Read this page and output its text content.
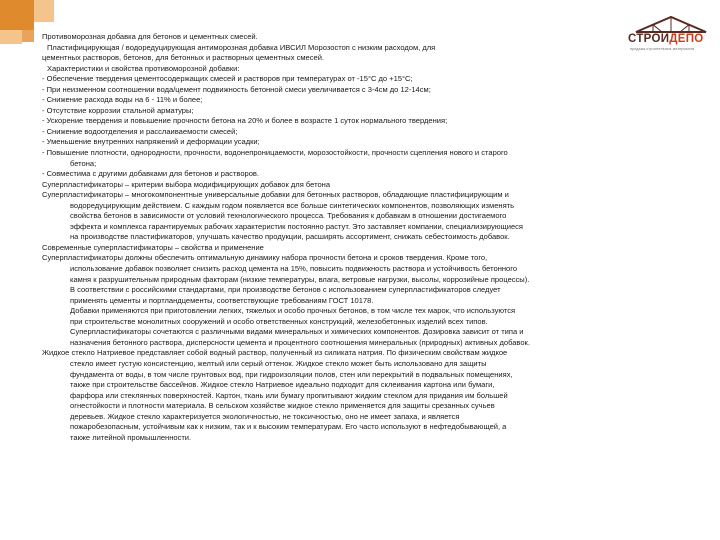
СТРОЙДЕПО
продажа строительных материалов
Противоморозная добавка для бетонов и цементных смесей.
Пластифицирующая / водоредуцирующая антиморозная добавка ИВСИЛ Морозостоп с низким расходом, для
цементных растворов, бетонов, для бетонных и растворных цементных смесей.
Характеристики и свойства противоморозной добавки:
- Обеспечение твердения цементосодержащих смесей и растворов при температурах от -15°С до +15°С;
- При неизменном соотношении вода/цемент подвижность бетонной смеси увеличивается с 3-4см до 12-14см;
- Снижение расхода воды на 6 - 11% и более;
- Отсутствие коррозии стальной арматуры;
- Ускорение твердения и повышение прочности бетона на 20% и более в возрасте 1 суток нормального твердения;
- Снижение водоотделения и расслаиваемости смесей;
- Уменьшение внутренних напряжений и деформации усадки;
- Повышение плотности, однородности, прочности, водонепроницаемости, морозостойкости, прочности сцепления нового и старого
бетона;
- Совместима с другими добавками для бетонов и растворов.
Суперпластификаторы – критерии выбора модифицирующих добавок для бетона
Суперпластификаторы – многокомпонентные универсальные добавки для бетонных растворов, обладающие пластифицирующим и
водоредуцирующим действием. С каждым годом появляется все больше синтетических компонентов, позволяющих изменять
свойства бетонов в зависимости от условий технологического процесса. Требования к добавкам в отношении достигаемого
эффекта и комплекса гарантируемых рабочих характеристик постоянно растут. Это заставляет компании, специализирующиеся
на производстве пластификаторов, улучшать качество продукции, расширять ассортимент, снижать себестоимость добавок.
Современные суперпластификаторы – свойства и применение
Суперпластификаторы должны обеспечить оптимальную динамику набора прочности бетона и сроков твердения. Кроме того,
использование добавок позволяет снизить расход цемента на 15%, повысить подвижность раствора и устойчивость бетонного
камня к разрушительным природным факторам (низкие температуры, влага, ветровые нагрузки, высолы, коррозийные процессы).
В соответствии с российскими стандартами, при производстве бетонов с использованием суперпластификаторов следует
применять цементы и портландцементы, соответствующие требованиям ГОСТ 10178.
Добавки применяются при приготовлении легких, тяжелых и особо прочных бетонов, в том числе тех марок, что используются
при строительстве монолитных сооружений и особо ответственных конструкций, железобетонных изделий всех типов.
Суперпластификаторы сочетаются с различными видами минеральных и химических компонентов. Дозировка зависит от типа и
назначения бетонного раствора, дисперсности цемента и процентного соотношения минеральных (природных) активных добавок.
Жидкое стекло Натриевое представляет собой водный раствор, полученный из силиката натрия. По физическим свойствам жидкое
стекло имеет густую консистенцию, желтый или серый оттенок. Жидкое стекло может быть использовано для защиты
фундамента от воды, в том числе грунтовых вод, при гидроизоляции полов, стен или перекрытий в подвальных помещениях,
также при строительстве бассейнов. Жидкое стекло Натриевое идеально подходит для склеивания картона или бумаги,
фарфора или стеклянных поверхностей. Картон, ткань или бумагу пропитывают жидким стеклом для придания им большей
огнестойкости и плотности материала. В сельском хозяйстве жидкое стекло применяется для защиты срезанных сучьев
деревьев. Жидкое стекло характеризуется экологичностью, не токсичностью, оно не имеет запаха, и является
пожаробезопасным, устойчивым как к низким, так и к высоким температурам. Его часто используют в нефтедобывающей, а
также литейной промышленности.
